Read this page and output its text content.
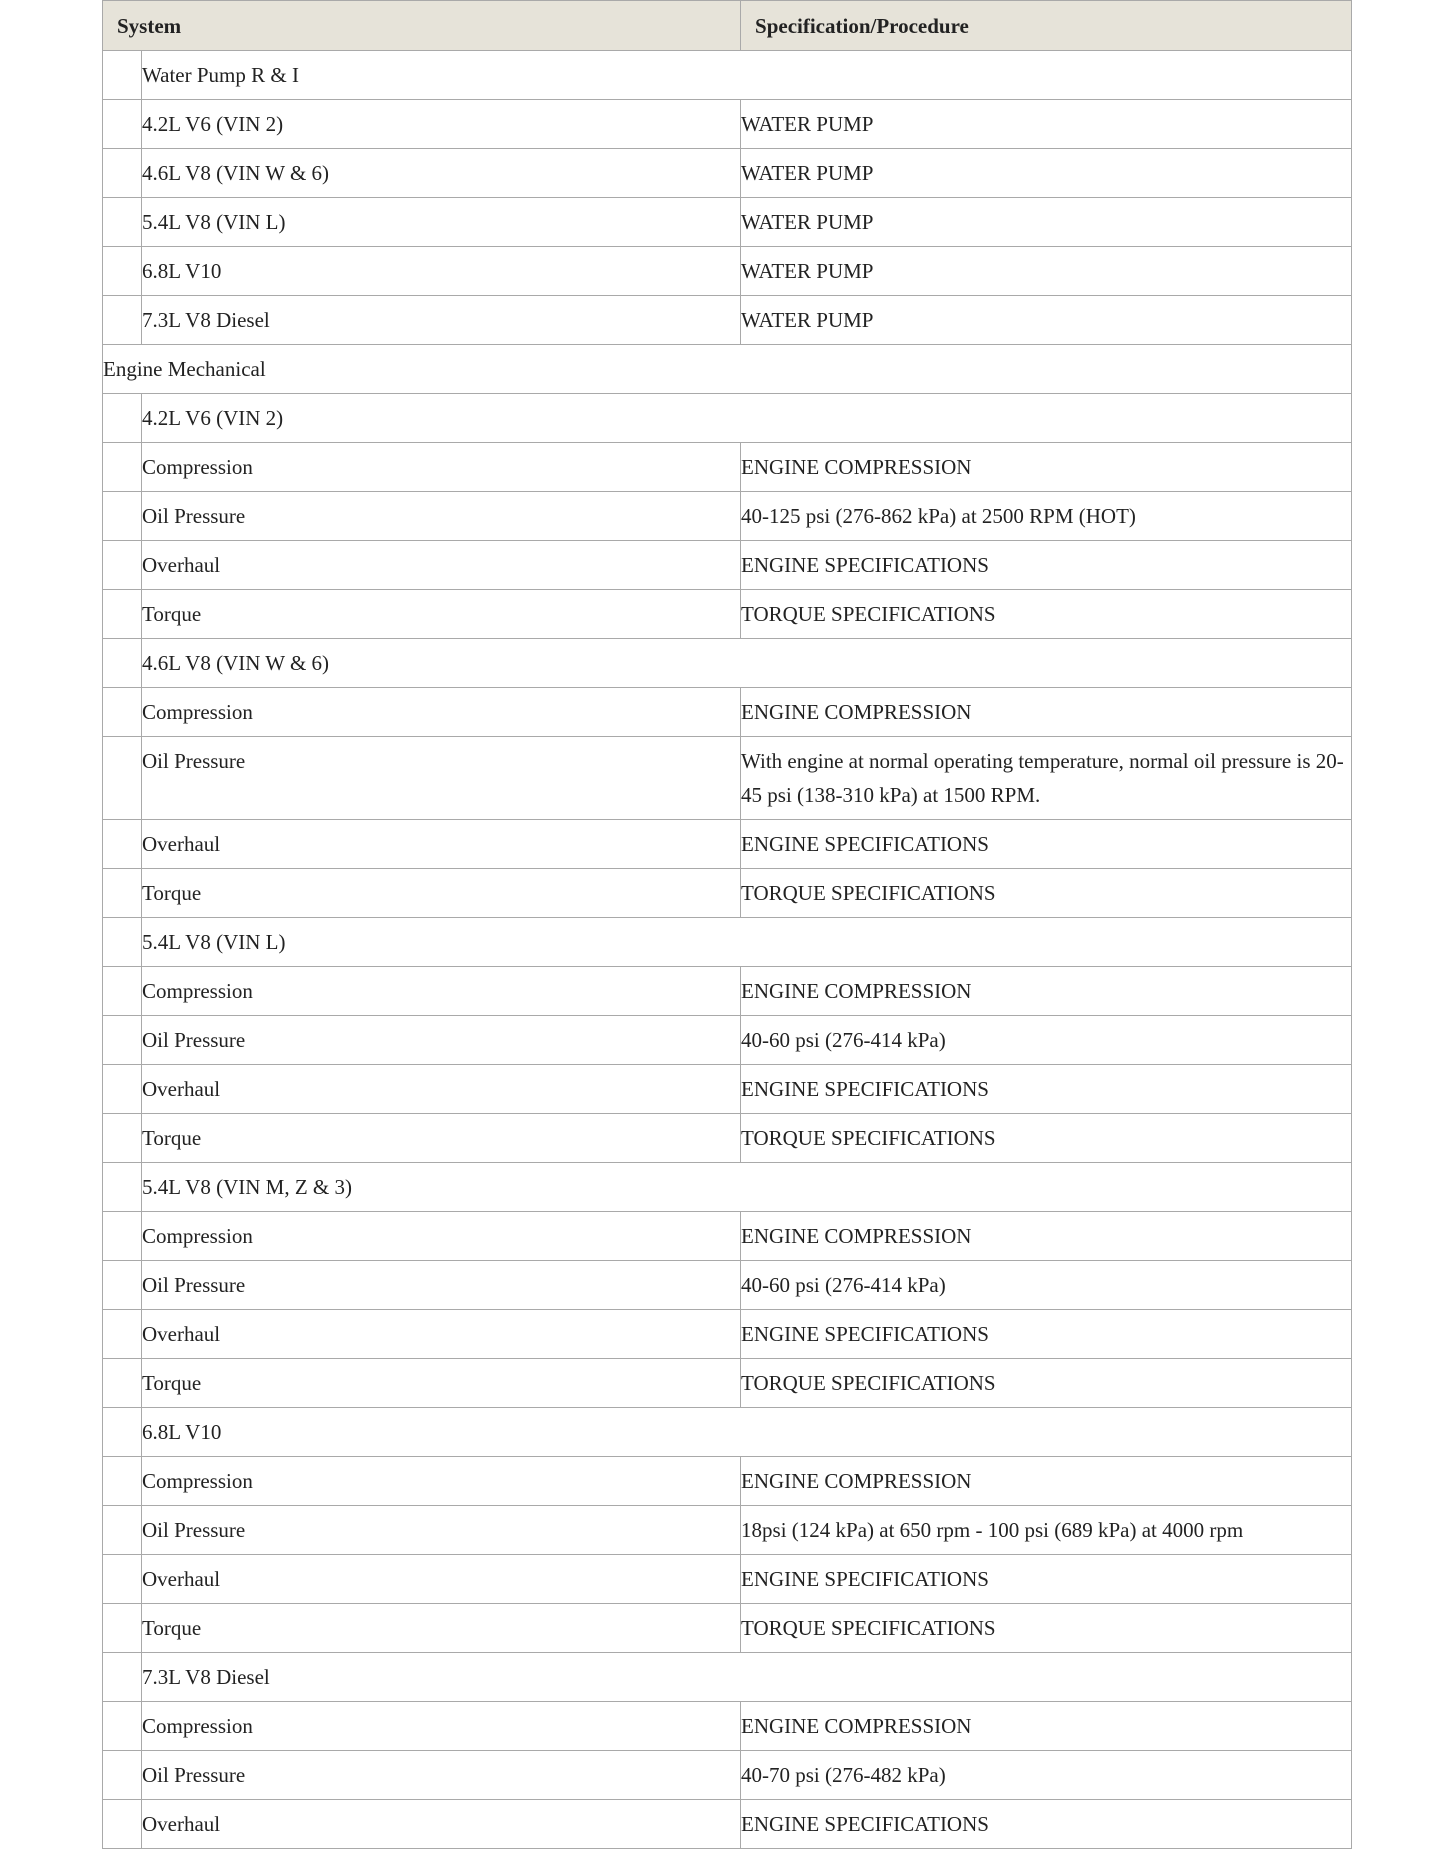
System		Specification/Procedure
	Water Pump R & I	
	4.2L V6 (VIN 2)	WATER PUMP
	4.6L V8 (VIN W & 6)	WATER PUMP
	5.4L V8 (VIN L)	WATER PUMP
	6.8L V10	WATER PUMP
	7.3L V8 Diesel	WATER PUMP
Engine Mechanical		
	4.2L V6 (VIN 2)	
	Compression	ENGINE COMPRESSION
	Oil Pressure	40-125 psi (276-862 kPa) at 2500 RPM (HOT)
	Overhaul	ENGINE SPECIFICATIONS
	Torque	TORQUE SPECIFICATIONS
	4.6L V8 (VIN W & 6)	
	Compression	ENGINE COMPRESSION
	Oil Pressure	With engine at normal operating temperature, normal oil pressure is 20-45 psi (138-310 kPa) at 1500 RPM.
	Overhaul	ENGINE SPECIFICATIONS
	Torque	TORQUE SPECIFICATIONS
	5.4L V8 (VIN L)	
	Compression	ENGINE COMPRESSION
	Oil Pressure	40-60 psi (276-414 kPa)
	Overhaul	ENGINE SPECIFICATIONS
	Torque	TORQUE SPECIFICATIONS
	5.4L V8 (VIN M, Z & 3)	
	Compression	ENGINE COMPRESSION
	Oil Pressure	40-60 psi (276-414 kPa)
	Overhaul	ENGINE SPECIFICATIONS
	Torque	TORQUE SPECIFICATIONS
	6.8L V10	
	Compression	ENGINE COMPRESSION
	Oil Pressure	18psi (124 kPa) at 650 rpm - 100 psi (689 kPa) at 4000 rpm
	Overhaul	ENGINE SPECIFICATIONS
	Torque	TORQUE SPECIFICATIONS
	7.3L V8 Diesel	
	Compression	ENGINE COMPRESSION
	Oil Pressure	40-70 psi (276-482 kPa)
	Overhaul	ENGINE SPECIFICATIONS
